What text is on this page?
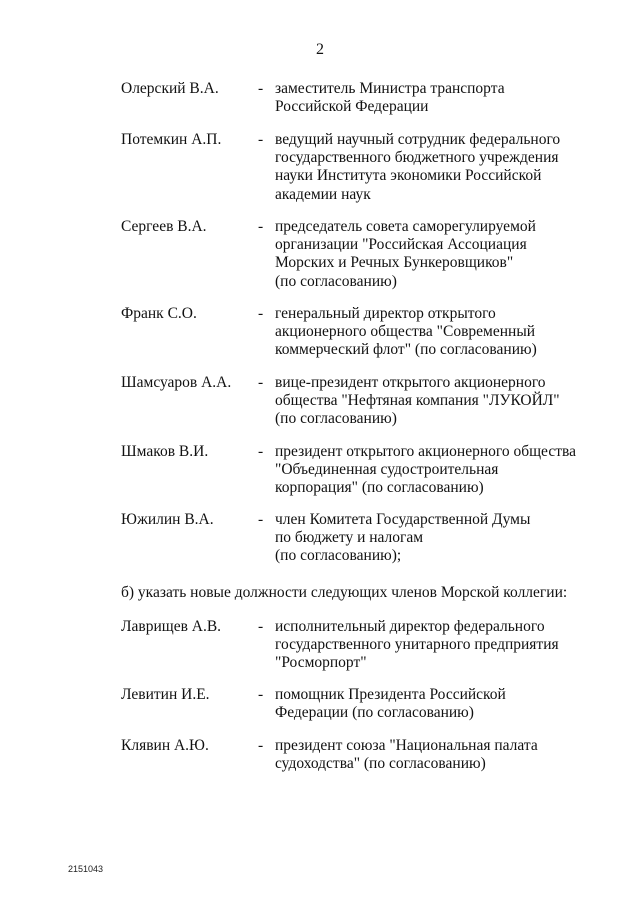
2
Олерский В.А.	- заместитель Министра транспорта
Российской Федерации
Потемкин А.П. - ведущий научный сотрудник федерального
государственного бюджетного учреждения
науки Института экономики Российской
академии наук
Сергеев В.А.	- председатель совета саморегулируемой
организации "Российская Ассоциация
Морских и Речных Бункеровщиков"
(по согласованию)
Франк С.О.	- генеральный директор открытого
акционерного общества "Современный
коммерческий флот" (по согласованию)
Шамсуаров А.А. - вице-президент открытого акционерного
общества "Нефтяная компания "ЛУКОЙЛ"
(по согласованию)
Шмаков В.И.	- президент открытого акционерного общества
"Объединенная судостроительная
корпорация" (по согласованию)
Южилин В.А.	- член Комитета Государственной Думы
по бюджету и налогам
(по согласованию);
б) указать новые должности следующих членов Морской коллегии:
Лаврищев А.В. - исполнительный директор федерального
государственного унитарного предприятия
"Росморпорт"
Левитин И.Е.	- помощник Президента Российской
Федерации (по согласованию)
Клявин А.Ю.	- президент союза "Национальная палата
судоходства" (по согласованию)
2151043
